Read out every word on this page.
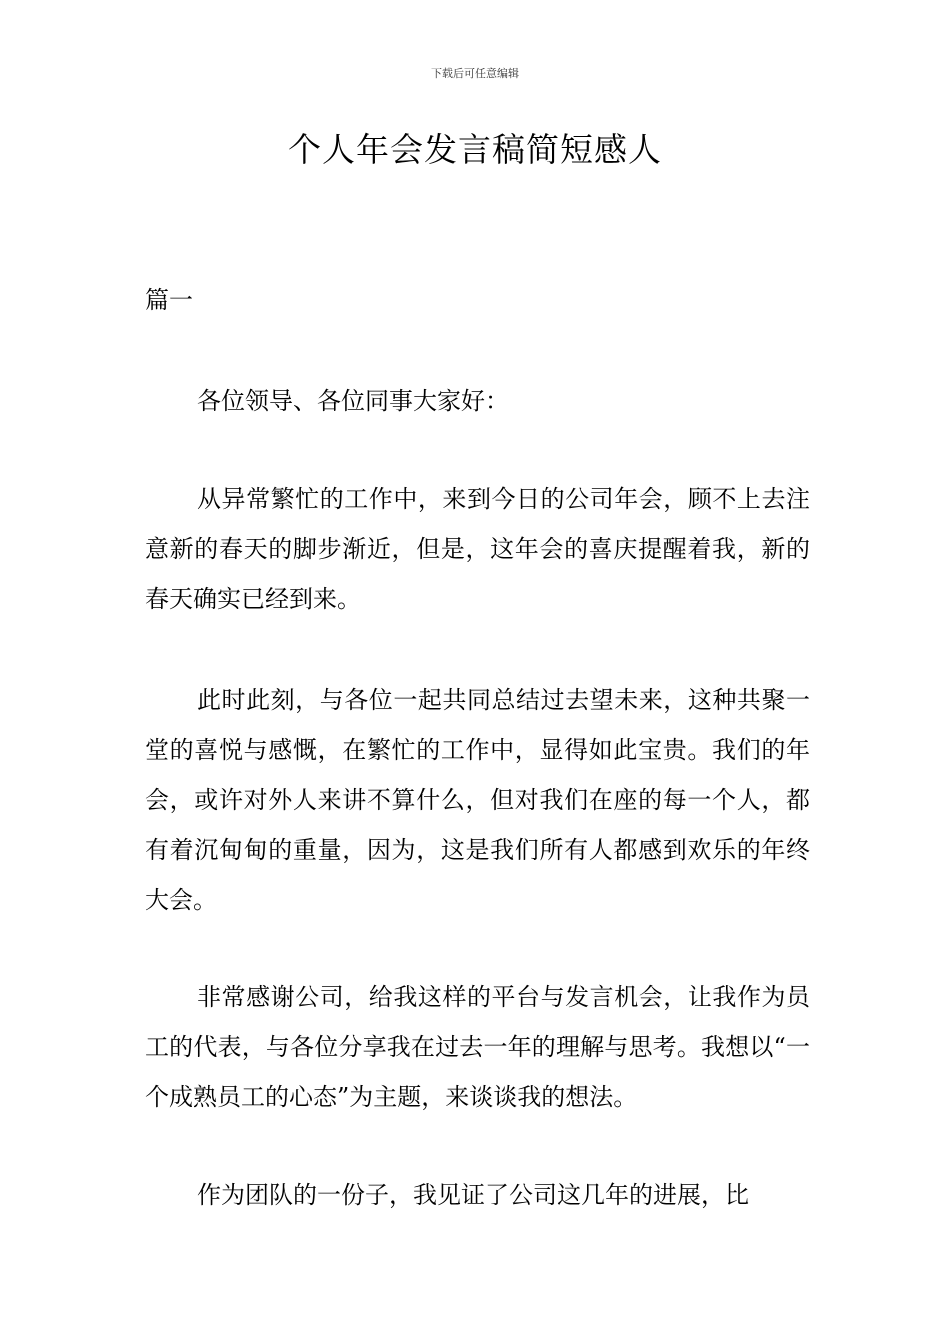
下载后可任意编辑
个人年会发言稿简短感人
篇一

各位领导、各位同事大家好：

从异常繁忙的工作中，来到今日的公司年会，顾不上去注意新的春天的脚步渐近，但是，这年会的喜庆提醒着我，新的春天确实已经到来。

此时此刻，与各位一起共同总结过去望未来，这种共聚一堂的喜悦与感慨，在繁忙的工作中，显得如此宝贵。我们的年会，或许对外人来讲不算什么，但对我们在座的每一个人，都有着沉甸甸的重量，因为，这是我们所有人都感到欢乐的年终大会。

非常感谢公司，给我这样的平台与发言机会，让我作为员工的代表，与各位分享我在过去一年的理解与思考。我想以“一个成熟员工的心态”为主题，来谈谈我的想法。

作为团队的一份子，我见证了公司这几年的进展，比
